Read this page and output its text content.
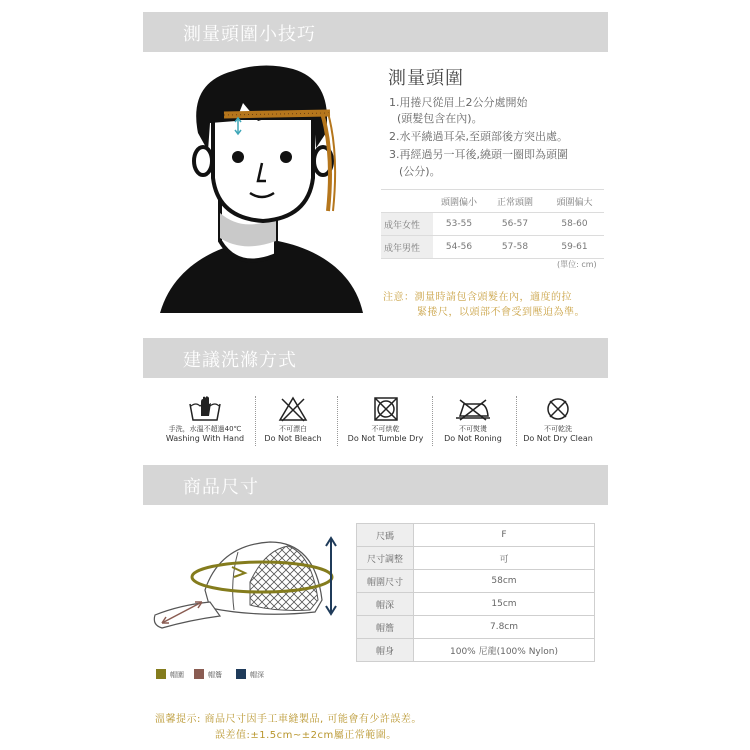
測量頭圍小技巧
測量頭圍
1.用捲尺從眉上2公分處開始
(頭髮包含在內)。
2.水平繞過耳朵,至頭部後方突出處。
3.再經過另一耳後,繞頭一圈即為頭圍
(公分)。
	頭圍偏小	正常頭圍	頭圍偏大
成年女性	53-55	56-57	58-60
成年男性	54-56	57-58	59-61
(單位: cm)
注意：測量時請包含頭髮在內，適度的拉
緊捲尺，以頭部不會受到壓迫為準。
建議洗滌方式
手洗，水溫不超過40℃
Washing With Hand
不可漂白
Do Not Bleach
不可烘乾
Do Not Tumble Dry
不可熨燙
Do Not Roning
不可乾洗
Do Not Dry Clean
商品尺寸
尺碼	F
尺寸調整	可
帽圍尺寸	58cm
帽深	15cm
帽簷	7.8cm
帽身	100% 尼龍(100% Nylon)
帽圍	帽簷	帽深
溫馨提示: 商品尺寸因手工車縫製品, 可能會有少許誤差。
誤差值:±1.5cm~±2cm屬正常範圍。
